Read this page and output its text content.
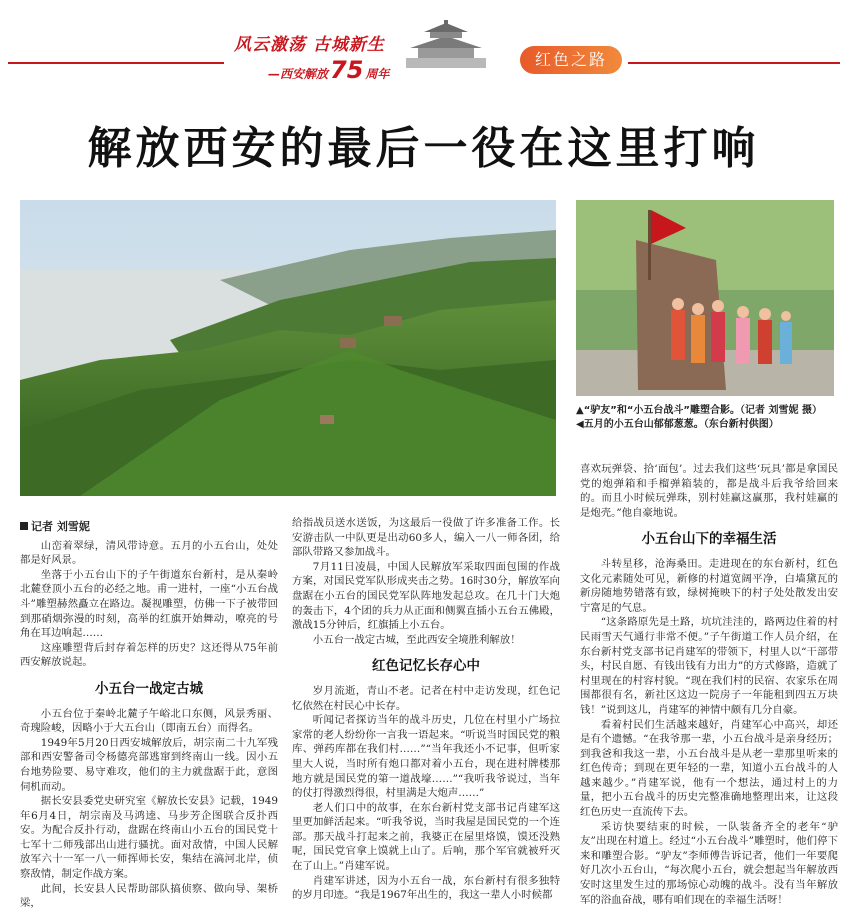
风云激荡 古城新生
—西安解放75 周年
红色之路
解放西安的最后一役在这里打响
▲“驴友”和“小五台战斗”雕塑合影。（记者 刘雪妮 摄）
◀五月的小五台山郁郁葱葱。（东台新村供图）
记者 刘雪妮

山峦着翠绿，清风带诗意。五月的小五台山，处处都是好风景。

坐落于小五台山下的子午街道东台新村，是从秦岭北麓登顶小五台的必经之地。甫一进村，一座“小五台战斗”雕塑赫然矗立在路边。凝视雕塑，仿佛一下子被带回到那硝烟弥漫的时刻，高举的红旗开始舞动，嘹亮的号角在耳边响起……

这座雕塑背后封存着怎样的历史？这还得从75年前西安解放说起。

小五台一战定古城

小五台位于秦岭北麓子午峪北口东侧，风景秀丽、奇瑰险峻，因略小于大五台山（即南五台）而得名。

1949年5月20日西安城解放后，胡宗南二十九军残部和西安警备司令杨德亮部逃窜到终南山一线。因小五台地势险要、易守难攻，他们的主力就盘踞于此，意图伺机而动。

据长安县委党史研究室《解放长安县》记载，1949年6月4日，胡宗南及马鸿逵、马步芳企图联合反扑西安。为配合反扑行动，盘踞在终南山小五台的国民党十七军十二师残部出山进行骚扰。面对敌情，中国人民解放军六十一军一八一师挥师长安，集结在滈河北岸，侦察敌情，制定作战方案。

此间，长安县人民帮助部队搞侦察、做向导、架桥梁，

给指战员送水送饭，为这最后一役做了许多准备工作。长安游击队一中队更是出动60多人，编入一八一师各团，给部队带路又参加战斗。

7月11日凌晨，中国人民解放军采取四面包围的作战方案，对国民党军队形成夹击之势。16时30分，解放军向盘踞在小五台的国民党军队阵地发起总攻。在几十门大炮的轰击下，4个团的兵力从正面和侧翼直插小五台五佛殿，激战15分钟后，红旗插上小五台。

小五台一战定古城，至此西安全境胜利解放！

红色记忆长存心中

岁月流逝，青山不老。记者在村中走访发现，红色记忆依然在村民心中长存。

听闻记者探访当年的战斗历史，几位在村里小广场拉家常的老人纷纷你一言我一语起来。“听说当时国民党的粮库、弹药库都在我们村……”“当年我还小不记事，但听家里大人说，当时所有炮口都对着小五台，现在进村牌楼那地方就是国民党的第一道战壕……”“我听我爷说过，当年的仗打得激烈得很，村里满是大炮声……”

老人们口中的故事，在东台新村党支部书记肖建军这里更加鲜活起来。“听我爷说，当时我屋是国民党的一个连部。那天战斗打起来之前，我婆正在屋里烙馍，馍还没熟呢，国民党官拿上馍就上山了。后响，那个军官就被歼灭在了山上。”肖建军说。

肖建军讲述，因为小五台一战，东台新村有很多独特的岁月印迹。“我是1967年出生的，我这一辈人小时候都

喜欢玩弹袋、拾‘面包’。过去我们这些‘玩具’都是拿国民党的炮弹箱和手榴弹箱装的，都是战斗后我爷给回来的。而且小时候玩弹珠，别村娃赢这赢那，我村娃赢的是炮壳。”他自豪地说。

小五台山下的幸福生活

斗转星移，沧海桑田。走进现在的东台新村，红色文化元素随处可见，新修的村道宽阔平净，白墙黛瓦的新房随地势错落有致，绿树掩映下的村子处处散发出安宁富足的气息。

“这条路原先是土路，坑坑洼洼的，路两边住着的村民雨雪天气通行非常不便。”子午街道工作人员介绍，在东台新村党支部书记肖建军的带领下，村里人以“干部带头，村民自愿、有钱出钱有力出力”的方式修路，造就了村里现在的村容村貌。“现在我们村的民宿、农家乐在周围都很有名，新社区这边一院房子一年能租到四五万块钱！”说到这儿，肖建军的神情中颇有几分自豪。

看着村民们生活越来越好，肖建军心中高兴，却还是有个遗憾。“在我爷那一辈，小五台战斗是亲身经历；到我爸和我这一辈，小五台战斗是从老一辈那里听来的红色传奇；到现在更年轻的一辈，知道小五台战斗的人越来越少。”肖建军说，他有一个想法，通过村上的力量，把小五台战斗的历史完整准确地整理出来，让这段红色历史一直流传下去。

采访快要结束的时候，一队装备齐全的老年“驴友”出现在村道上。经过“小五台战斗”雕塑时，他们停下来和雕塑合影。“驴友”李师傅告诉记者，他们一年要爬好几次小五台山，“每次爬小五台，就会想起当年解放西安时这里发生过的那场惊心动魄的战斗。没有当年解放军的浴血奋战，哪有咱们现在的幸福生活呀！
